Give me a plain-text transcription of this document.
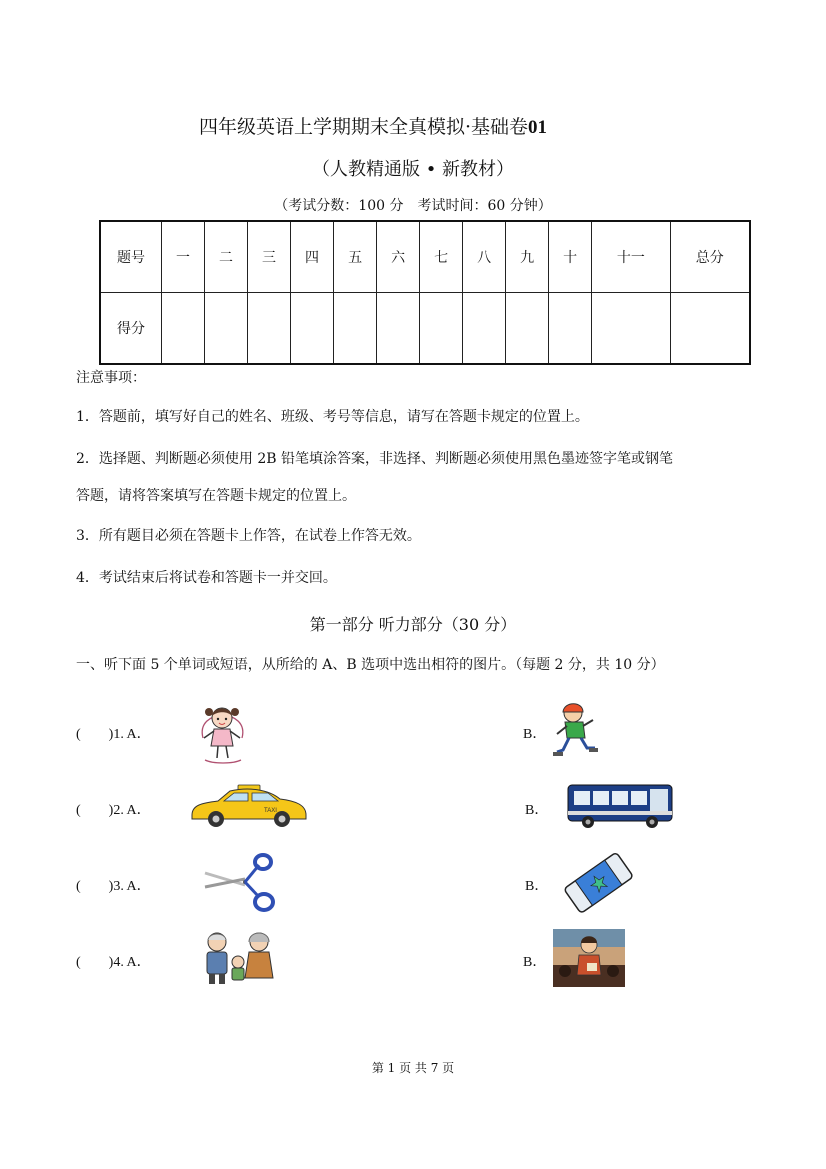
四年级英语上学期期末全真模拟·基础卷01
（人教精通版 • 新教材）
（考试分数：100 分　考试时间：60 分钟）
题号	一	二	三	四	五	六	七	八	九	十	十一	总分
得分												
注意事项：
1．答题前，填写好自己的姓名、班级、考号等信息，请写在答题卡规定的位置上。
2．选择题、判断题必须使用 2B 铅笔填涂答案，非选择、判断题必须使用黑色墨迹签字笔或钢笔
答题，请将答案填写在答题卡规定的位置上。
3．所有题目必须在答题卡上作答，在试卷上作答无效。
4．考试结束后将试卷和答题卡一并交回。
第一部分 听力部分（30 分）
一、听下面 5 个单词或短语，从所给的 A、B 选项中选出相符的图片。（每题 2 分，共 10 分）
(　　)1. A．	B．
(　　)2. A．	B．
(　　)3. A．	B．
(　　)4. A．	B．
TAXI
第 1 页 共 7 页
